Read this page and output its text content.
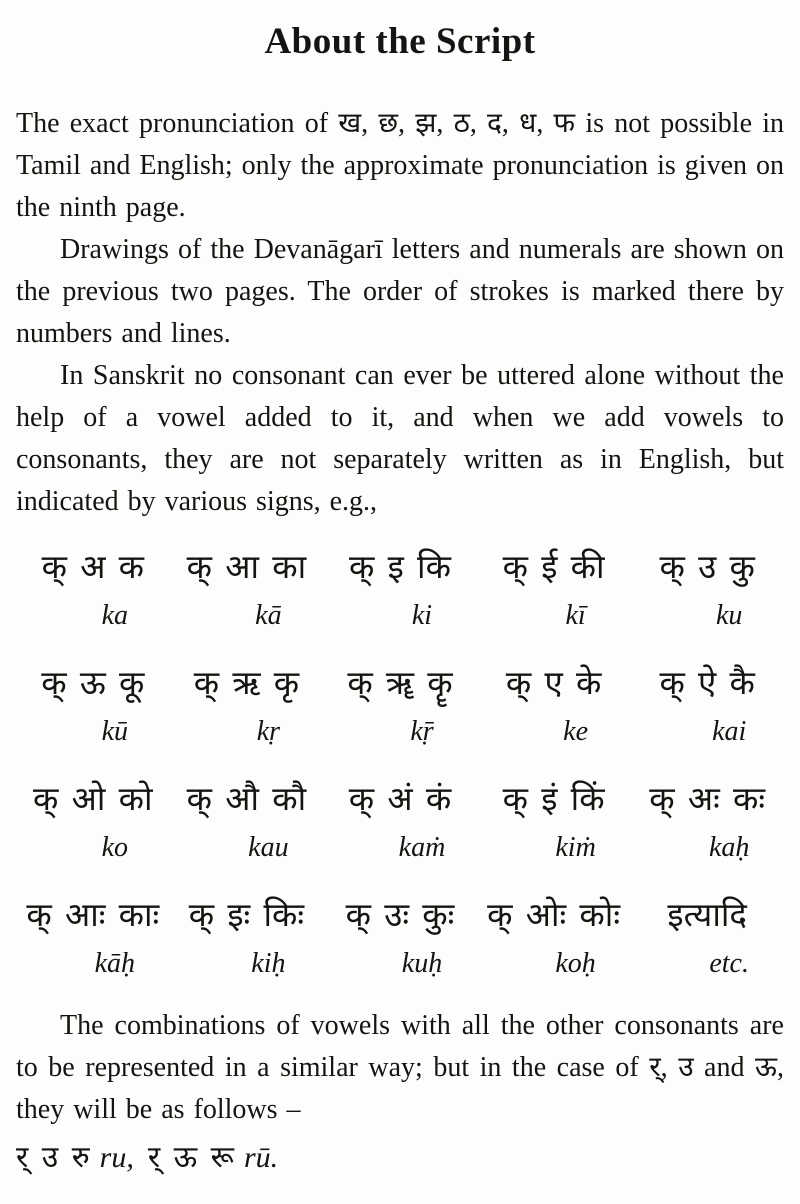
About the Script

The exact pronunciation of ख, छ, झ, ठ, द, ध, फ is not possible in Tamil and English; only the approximate pronunciation is given on the ninth page.

Drawings of the Devanāgarī letters and numerals are shown on the previous two pages. The order of strokes is marked there by numbers and lines.

In Sanskrit no consonant can ever be uttered alone without the help of a vowel added to it, and when we add vowels to consonants, they are not separately written as in English, but indicated by various signs, e.g.,

क् अ क
ka
क् आ का
kā
क् इ कि
ki
क् ई की
kī
क् उ कु
ku
क् ऊ कू
kū
क् ऋ कृ
kṛ
क् ॠ कॄ
kṝ
क् ए के
ke
क् ऐ कै
kai
क् ओ को
ko
क् औ कौ
kau
क् अं कं
kaṁ
क् इं किं
kiṁ
क् अः कः
kaḥ
क् आः काः
kāḥ
क् इः किः
kiḥ
क् उः कुः
kuḥ
क् ओः कोः
koḥ
इत्यादि
etc.

The combinations of vowels with all the other consonants are to be represented in a similar way; but in the case of र्, उ and ऊ, they will be as follows –

र् उ रु ru, र् ऊ रू rū.
